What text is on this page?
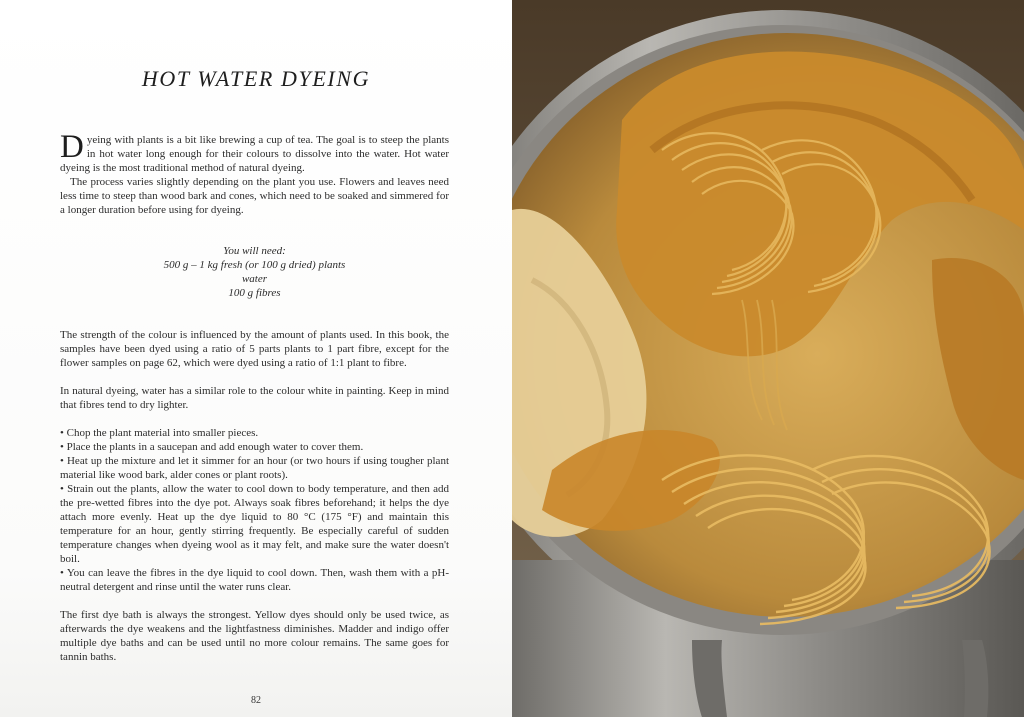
HOT WATER DYEING

Dyeing with plants is a bit like brewing a cup of tea. The goal is to steep the plants in hot water long enough for their colours to dissolve into the water. Hot water dyeing is the most traditional method of natural dyeing.

The process varies slightly depending on the plant you use. Flowers and leaves need less time to steep than wood bark and cones, which need to be soaked and simmered for a longer duration before using for dyeing.

You will need:
500 g – 1 kg fresh (or 100 g dried) plants
water
100 g fibres

The strength of the colour is influenced by the amount of plants used. In this book, the samples have been dyed using a ratio of 5 parts plants to 1 part fibre, except for the flower samples on page 62, which were dyed using a ratio of 1:1 plant to fibre.

In natural dyeing, water has a similar role to the colour white in painting. Keep in mind that fibres tend to dry lighter.

• Chop the plant material into smaller pieces.

• Place the plants in a saucepan and add enough water to cover them.

• Heat up the mixture and let it simmer for an hour (or two hours if using tougher plant material like wood bark, alder cones or plant roots).

• Strain out the plants, allow the water to cool down to body temperature, and then add the pre-wetted fibres into the dye pot. Always soak fibres beforehand; it helps the dye attach more evenly. Heat up the dye liquid to 80 °C (175 °F) and maintain this temperature for an hour, gently stirring frequently. Be especially careful of sudden temperature changes when dyeing wool as it may felt, and make sure the water doesn't boil.

• You can leave the fibres in the dye liquid to cool down. Then, wash them with a pH-neutral detergent and rinse until the water runs clear.

The first dye bath is always the strongest. Yellow dyes should only be used twice, as afterwards the dye weakens and the lightfastness diminishes. Madder and indigo offer multiple dye baths and can be used until no more colour remains. The same goes for tannin baths.

82
